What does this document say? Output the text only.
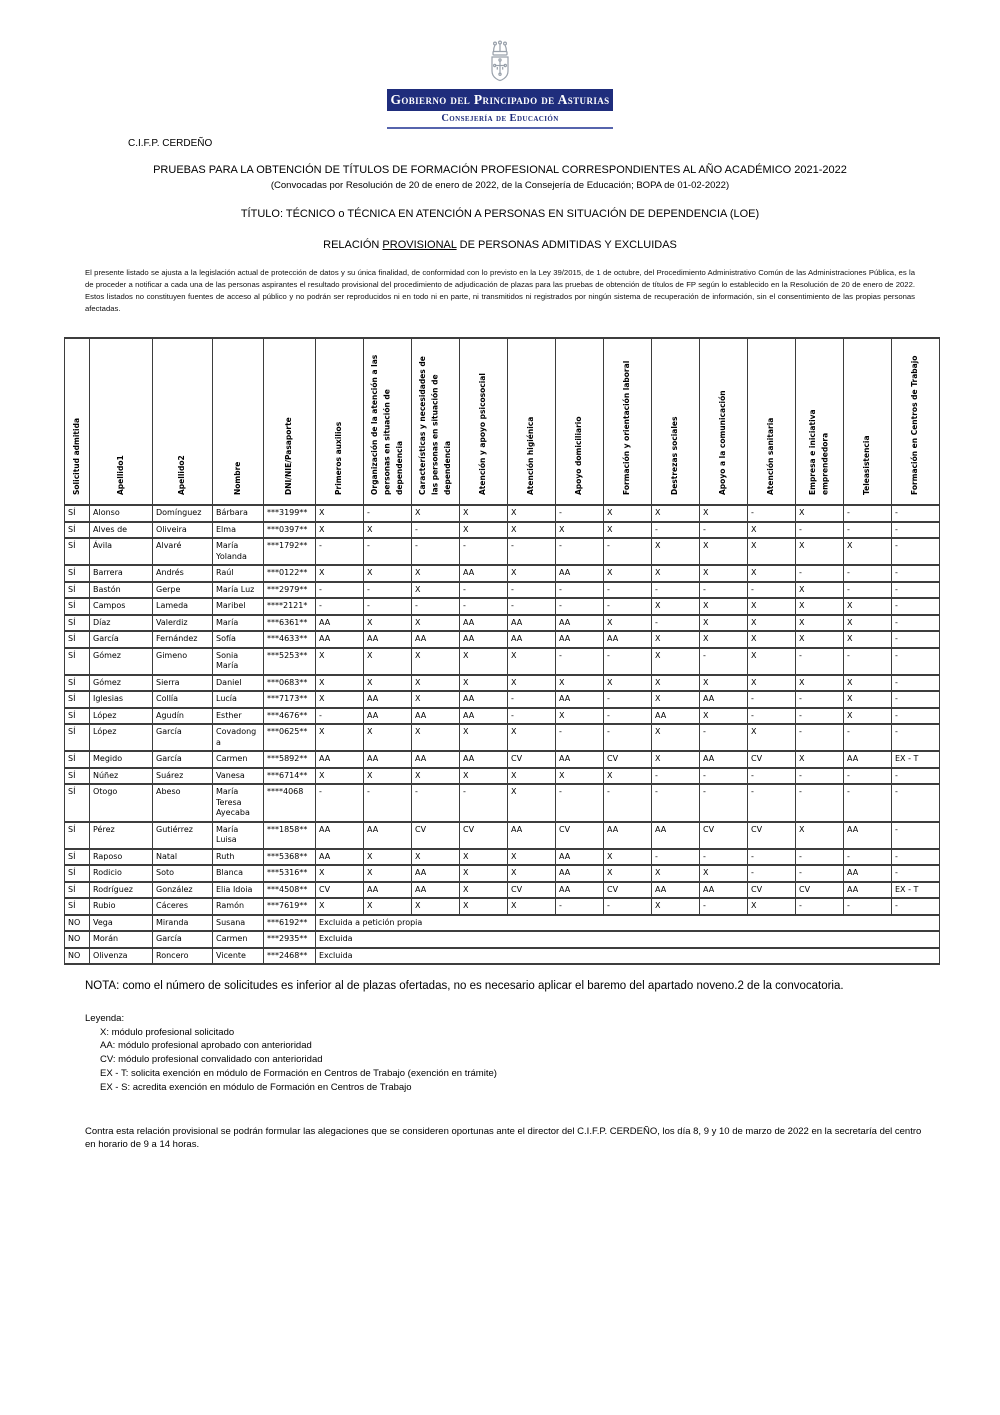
Gobierno del Principado de Asturias
Consejería de Educación
C.I.F.P. CERDEÑO
PRUEBAS PARA LA OBTENCIÓN DE TÍTULOS DE FORMACIÓN PROFESIONAL CORRESPONDIENTES AL AÑO ACADÉMICO 2021-2022
(Convocadas por Resolución de 20 de enero de 2022, de la Consejería de Educación; BOPA de 01-02-2022)
TÍTULO: TÉCNICO o TÉCNICA EN ATENCIÓN A PERSONAS EN SITUACIÓN DE DEPENDENCIA (LOE)
RELACIÓN PROVISIONAL DE PERSONAS ADMITIDAS Y EXCLUIDAS
El presente listado se ajusta a la legislación actual de protección de datos y su única finalidad, de conformidad con lo previsto en la Ley 39/2015, de 1 de octubre, del Procedimiento Administrativo Común de las Administraciones Pública, es la de proceder a notificar a cada una de las personas aspirantes el resultado provisional del procedimiento de adjudicación de plazas para las pruebas de obtención de títulos de FP según lo establecido en la Resolución de 20 de enero de 2022. Estos listados no constituyen fuentes de acceso al público y no podrán ser reproducidos ni en todo ni en parte, ni transmitidos ni registrados por ningún sistema de recuperación de información, sin el consentimiento de las propias personas afectadas.
Solicitud admitida	Apellido1	Apellido2	Nombre	DNI/NIE/Pasaporte	Primeros auxilios	Organización de la atención a las personas en situación de dependencia	Características y necesidades de las personas en situación de dependencia	Atención y apoyo psicosocial	Atención higiénica	Apoyo domiciliario	Formación y orientación laboral	Destrezas sociales	Apoyo a la comunicación	Atención sanitaria	Empresa e iniciativa emprendedora	Teleasistencia	Formación en Centros de Trabajo
SÍ	Alonso	Domínguez	Bárbara	***3199**	X	-	X	X	X	-	X	X	X	-	X	-	-
SÍ	Alves de	Oliveira	Elma	***0397**	X	X	-	X	X	X	X	-	-	X	-	-	-
SÍ	Ávila	Alvaré	María Yolanda	***1792**	-	-	-	-	-	-	-	X	X	X	X	X	-
SÍ	Barrera	Andrés	Raúl	***0122**	X	X	X	AA	X	AA	X	X	X	X	-	-	-
SÍ	Bastón	Gerpe	María Luz	***2979**	-	-	X	-	-	-	-	-	-	-	X	-	-
SÍ	Campos	Lameda	Maribel	****2121*	-	-	-	-	-	-	-	X	X	X	X	X	-
SÍ	Díaz	Valerdiz	María	***6361**	AA	X	X	AA	AA	AA	X	-	X	X	X	X	-
SÍ	García	Fernández	Sofía	***4633**	AA	AA	AA	AA	AA	AA	AA	X	X	X	X	X	-
SÍ	Gómez	Gimeno	Sonia María	***5253**	X	X	X	X	X	-	-	X	-	X	-	-	-
SÍ	Gómez	Sierra	Daniel	***0683**	X	X	X	X	X	X	X	X	X	X	X	X	-
SÍ	Iglesias	Collía	Lucía	***7173**	X	AA	X	AA	-	AA	-	X	AA	-	-	X	-
SÍ	López	Agudín	Esther	***4676**	-	AA	AA	AA	-	X	-	AA	X	-	-	X	-
SÍ	López	García	Covadonga	***0625**	X	X	X	X	X	-	-	X	-	X	-	-	-
SÍ	Megido	García	Carmen	***5892**	AA	AA	AA	AA	CV	AA	CV	X	AA	CV	X	AA	EX - T
SÍ	Núñez	Suárez	Vanesa	***6714**	X	X	X	X	X	X	X	-	-	-	-	-	-
SÍ	Otogo	Abeso	María Teresa Ayecaba	****4068	-	-	-	-	X	-	-	-	-	-	-	-	-
SÍ	Pérez	Gutiérrez	María Luisa	***1858**	AA	AA	CV	CV	AA	CV	AA	AA	CV	CV	X	AA	-
SÍ	Raposo	Natal	Ruth	***5368**	AA	X	X	X	X	AA	X	-	-	-	-	-	-
SÍ	Rodicio	Soto	Blanca	***5316**	X	X	AA	X	X	AA	X	X	X	-	-	AA	-
SÍ	Rodríguez	González	Elia Idoia	***4508**	CV	AA	AA	X	CV	AA	CV	AA	AA	CV	CV	AA	EX - T
SÍ	Rubio	Cáceres	Ramón	***7619**	X	X	X	X	X	-	-	X	-	X	-	-	-
NO	Vega	Miranda	Susana	***6192**	Excluida a petición propia												
NO	Morán	García	Carmen	***2935**	Excluida												
NO	Olivenza	Roncero	Vicente	***2468**	Excluida												
NOTA: como el número de solicitudes es inferior al de plazas ofertadas, no es necesario aplicar el baremo del apartado noveno.2 de la convocatoria.
Leyenda:
X: módulo profesional solicitado
AA: módulo profesional aprobado con anterioridad
CV: módulo profesional convalidado con anterioridad
EX - T: solicita exención en módulo de Formación en Centros de Trabajo (exención en trámite)
EX - S: acredita exención en módulo de Formación en Centros de Trabajo
Contra esta relación provisional se podrán formular las alegaciones que se consideren oportunas ante el director del C.I.F.P. CERDEÑO, los día 8, 9 y 10 de marzo de 2022 en la secretaría del centro en horario de 9 a 14 horas.
